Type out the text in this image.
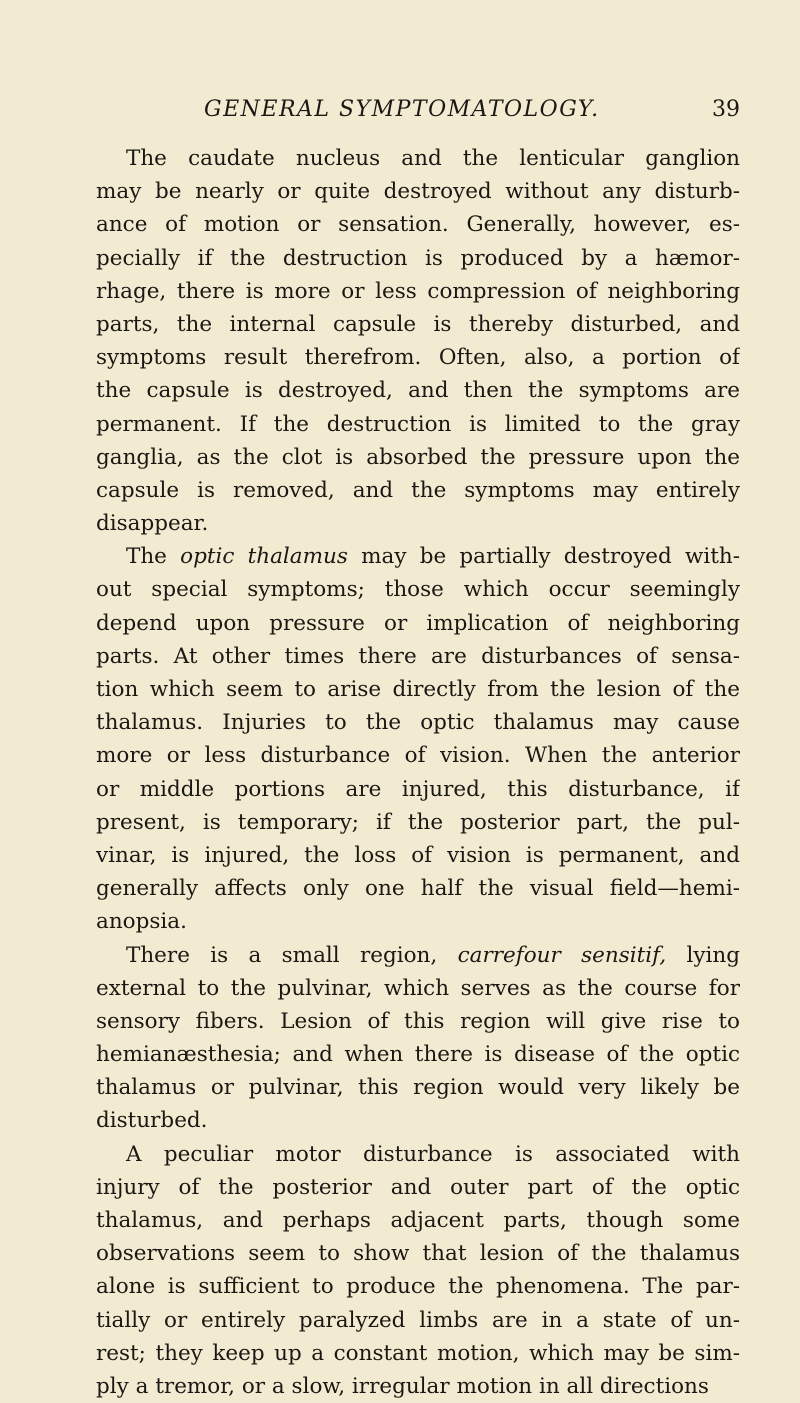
GENERAL SYMPTOMATOLOGY.	39

The caudate nucleus and the lenticular ganglion
may be nearly or quite destroyed without any disturb-
ance of motion or sensation. Generally, however, es-
pecially if the destruction is produced by a hæmor-
rhage, there is more or less compression of neighboring
parts, the internal capsule is thereby disturbed, and
symptoms result therefrom. Often, also, a portion of
the capsule is destroyed, and then the symptoms are
permanent. If the destruction is limited to the gray
ganglia, as the clot is absorbed the pressure upon the
capsule is removed, and the symptoms may entirely
disappear.

The optic thalamus may be partially destroyed with-
out special symptoms; those which occur seemingly
depend upon pressure or implication of neighboring
parts. At other times there are disturbances of sensa-
tion which seem to arise directly from the lesion of the
thalamus. Injuries to the optic thalamus may cause
more or less disturbance of vision. When the anterior
or middle portions are injured, this disturbance, if
present, is temporary; if the posterior part, the pul-
vinar, is injured, the loss of vision is permanent, and
generally affects only one half the visual field—hemi-
anopsia.

There is a small region, carrefour sensitif, lying
external to the pulvinar, which serves as the course for
sensory fibers. Lesion of this region will give rise to
hemianæsthesia; and when there is disease of the optic
thalamus or pulvinar, this region would very likely be
disturbed.

A peculiar motor disturbance is associated with
injury of the posterior and outer part of the optic
thalamus, and perhaps adjacent parts, though some
observations seem to show that lesion of the thalamus
alone is sufficient to produce the phenomena. The par-
tially or entirely paralyzed limbs are in a state of un-
rest; they keep up a constant motion, which may be sim-
ply a tremor, or a slow, irregular motion in all directions
